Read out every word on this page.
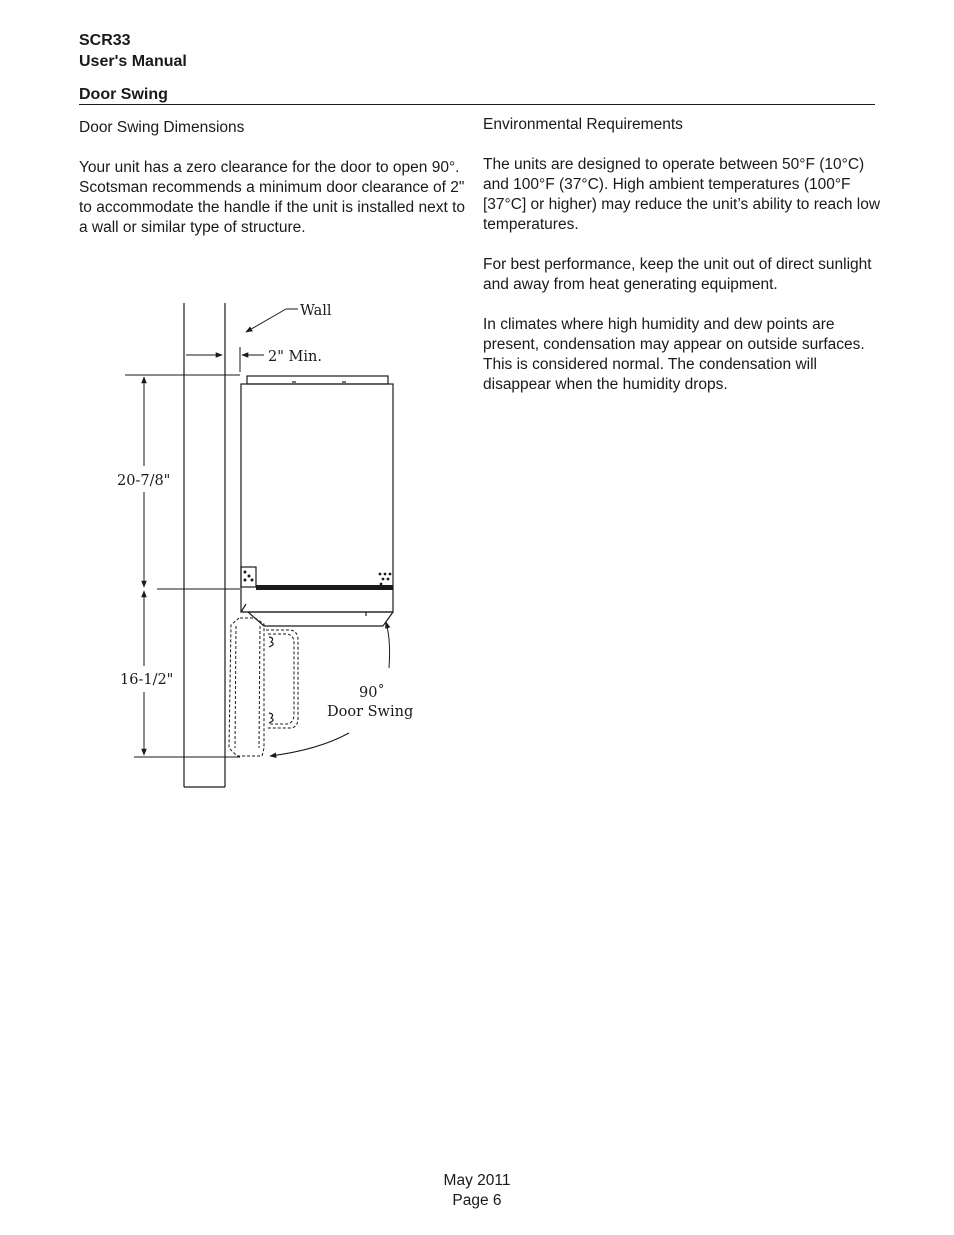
SCR33
User's Manual
Door Swing

Door Swing Dimensions

Your unit has a zero clearance for the door to open 90°. Scotsman recommends a minimum door clearance of 2" to accommodate the handle if the unit is installed next to a wall or similar type of structure.

Environmental Requirements

The units are designed to operate between 50°F (10°C) and 100°F (37°C). High ambient temperatures (100°F [37°C] or higher) may reduce the unit’s ability to reach low temperatures.

For best performance, keep the unit out of direct sunlight and away from heat generating equipment.

In climates where high humidity and dew points are present, condensation may appear on outside surfaces. This is considered normal. The condensation will disappear when the humidity drops.

Wall
2" Min.
90˚
Door Swing
20-7/8"
16-1/2"
May 2011
Page 6
